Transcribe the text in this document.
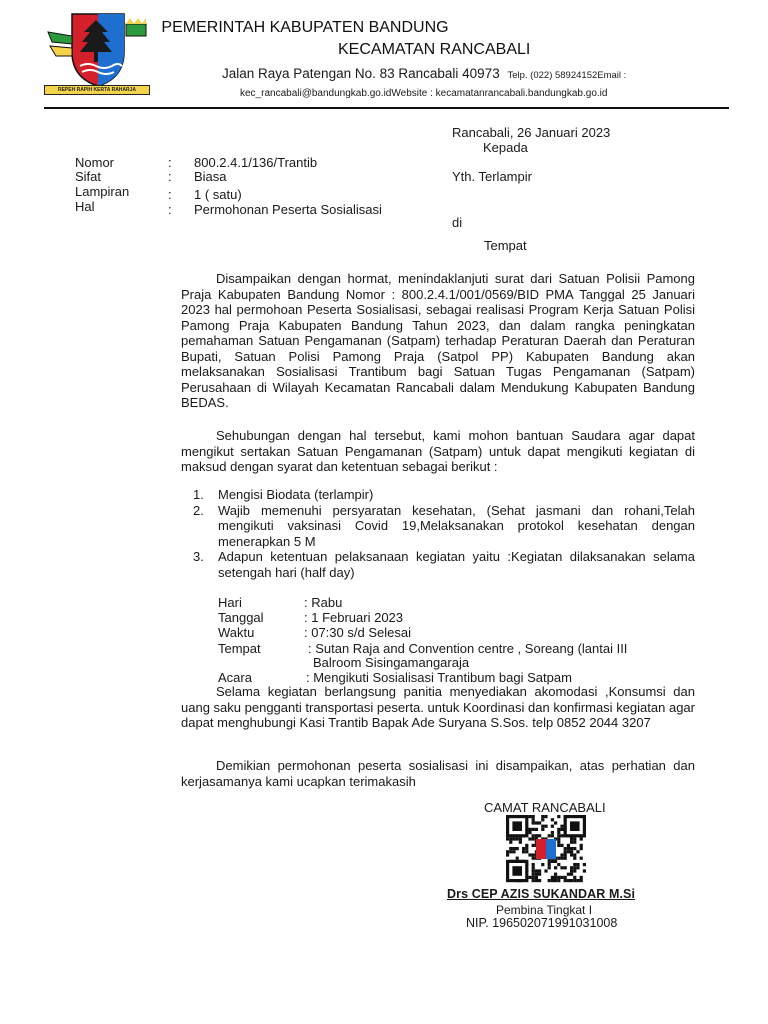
REPEH RAPIH KERTA RAHARJA
PEMERINTAH KABUPATEN BANDUNG
KECAMATAN RANCABALI
Jalan Raya Patengan No. 83 Rancabali 40973 Telp. (022) 58924152Email :
kec_rancabali@bandungkab.go.idWebsite : kecamatanrancabali.bandungkab.go.id
Rancabali, 26 Januari 2023
Kepada
Yth. Terlampir
di
Tempat
Nomor	: 800.2.4.1/136/Trantib
Sifat	: Biasa
Lampiran	: 1 ( satu)
Hal	: Permohonan Peserta Sosialisasi
Disampaikan dengan hormat, menindaklanjuti surat dari Satuan Polisii Pamong Praja Kabupaten Bandung Nomor : 800.2.4.1/001/0569/BID PMA Tanggal 25 Januari 2023 hal permohoan Peserta Sosialisasi, sebagai realisasi Program Kerja Satuan Polisi Pamong Praja Kabupaten Bandung Tahun 2023, dan dalam rangka peningkatan pemahaman Satuan Pengamanan (Satpam) terhadap Peraturan Daerah dan Peraturan Bupati, Satuan Polisi Pamong Praja (Satpol PP) Kabupaten Bandung akan melaksanakan Sosialisasi Trantibum bagi Satuan Tugas Pengamanan (Satpam) Perusahaan di Wilayah Kecamatan Rancabali dalam Mendukung Kabupaten Bandung BEDAS.
Sehubungan dengan hal tersebut, kami mohon bantuan Saudara agar dapat mengikut sertakan Satuan Pengamanan (Satpam) untuk dapat mengikuti kegiatan di maksud dengan syarat dan ketentuan sebagai berikut :
1. Mengisi Biodata (terlampir)
2. Wajib memenuhi persyaratan kesehatan, (Sehat jasmani dan rohani,Telah mengikuti vaksinasi Covid 19,Melaksanakan protokol kesehatan dengan menerapkan 5 M
3. Adapun ketentuan pelaksanaan kegiatan yaitu :Kegiatan dilaksanakan selama setengah hari (half day)
Hari	: Rabu
Tanggal	: 1 Februari 2023
Waktu	: 07:30 s/d Selesai
Tempat	: Sutan Raja and Convention centre , Soreang (lantai III
Balroom Sisingamangaraja
Acara	: Mengikuti Sosialisasi Trantibum bagi Satpam
Selama kegiatan berlangsung panitia menyediakan akomodasi ,Konsumsi dan uang saku pengganti transportasi peserta. untuk Koordinasi dan konfirmasi kegiatan agar dapat menghubungi Kasi Trantib Bapak Ade Suryana S.Sos. telp 0852 2044 3207
Demikian permohonan peserta sosialisasi ini disampaikan, atas perhatian dan kerjasamanya kami ucapkan terimakasih
CAMAT RANCABALI
Drs CEP AZIS SUKANDAR M.Si
Pembina Tingkat I
NIP. 196502071991031008
